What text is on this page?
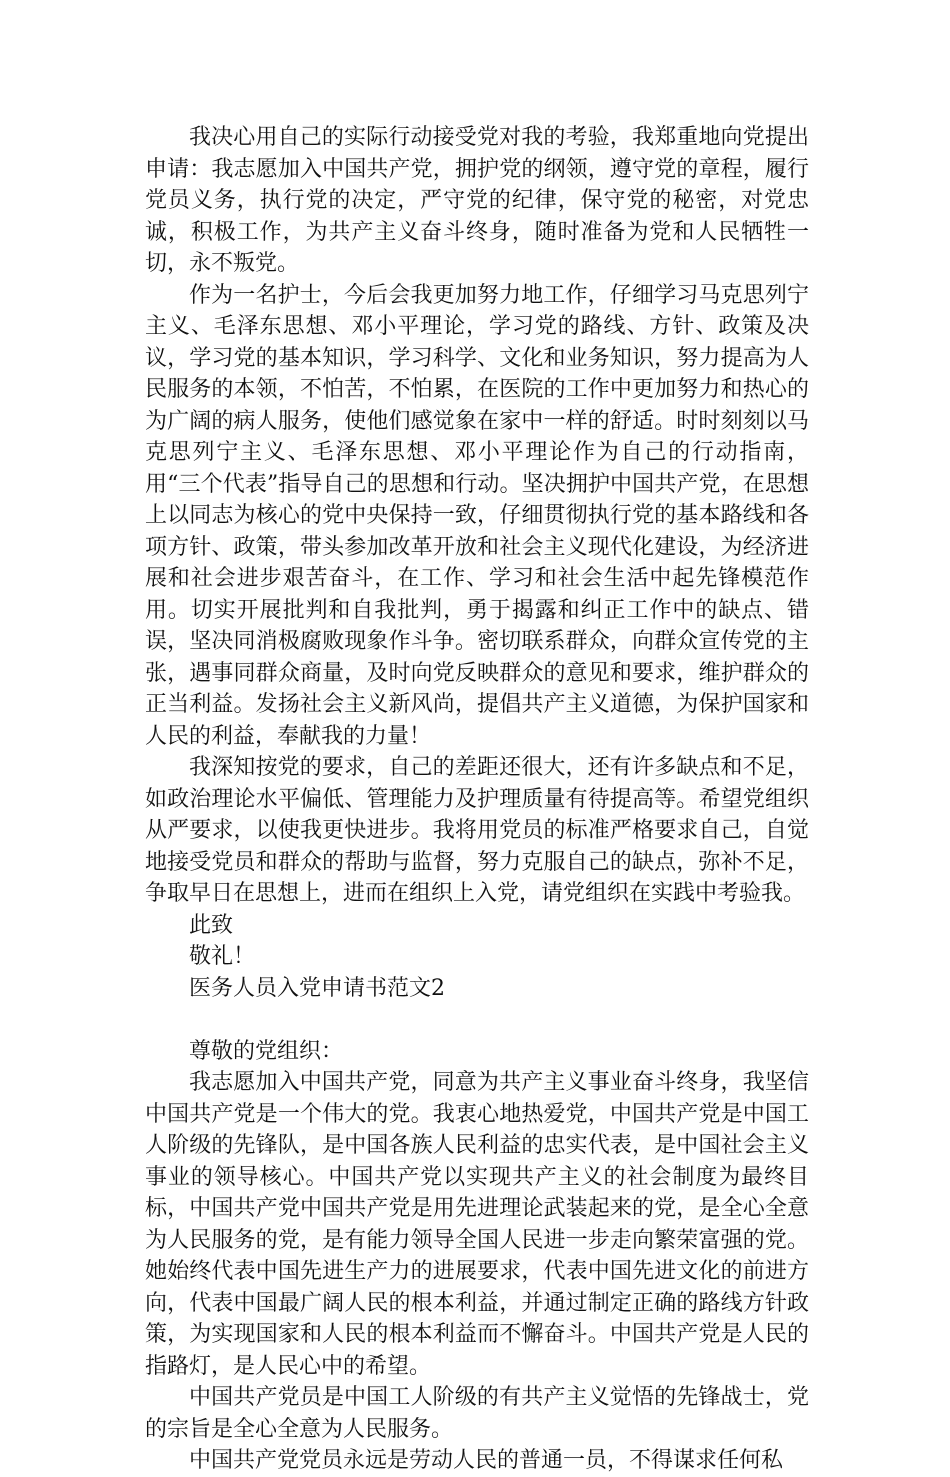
我决心用自己的实际行动接受党对我的考验，我郑重地向党提出申请：我志愿加入中国共产党，拥护党的纲领，遵守党的章程，履行党员义务，执行党的决定，严守党的纪律，保守党的秘密，对党忠诚，积极工作，为共产主义奋斗终身，随时准备为党和人民牺牲一切，永不叛党。

作为一名护士，今后会我更加努力地工作，仔细学习马克思列宁主义、毛泽东思想、邓小平理论，学习党的路线、方针、政策及决议，学习党的基本知识，学习科学、文化和业务知识，努力提高为人民服务的本领，不怕苦，不怕累，在医院的工作中更加努力和热心的为广阔的病人服务，使他们感觉象在家中一样的舒适。时时刻刻以马克思列宁主义、毛泽东思想、邓小平理论作为自己的行动指南，用“三个代表”指导自己的思想和行动。坚决拥护中国共产党，在思想上以同志为核心的党中央保持一致，仔细贯彻执行党的基本路线和各项方针、政策，带头参加改革开放和社会主义现代化建设，为经济进展和社会进步艰苦奋斗，在工作、学习和社会生活中起先锋模范作用。切实开展批判和自我批判，勇于揭露和纠正工作中的缺点、错误，坚决同消极腐败现象作斗争。密切联系群众，向群众宣传党的主张，遇事同群众商量，及时向党反映群众的意见和要求，维护群众的正当利益。发扬社会主义新风尚，提倡共产主义道德，为保护国家和人民的利益，奉献我的力量！

我深知按党的要求，自己的差距还很大，还有许多缺点和不足，如政治理论水平偏低、管理能力及护理质量有待提高等。希望党组织从严要求，以使我更快进步。我将用党员的标准严格要求自己，自觉地接受党员和群众的帮助与监督，努力克服自己的缺点，弥补不足，争取早日在思想上，进而在组织上入党，请党组织在实践中考验我。

此致

敬礼！

医务人员入党申请书范文2

尊敬的党组织：

我志愿加入中国共产党，同意为共产主义事业奋斗终身，我坚信中国共产党是一个伟大的党。我衷心地热爱党，中国共产党是中国工人阶级的先锋队，是中国各族人民利益的忠实代表，是中国社会主义事业的领导核心。中国共产党以实现共产主义的社会制度为最终目标，中国共产党中国共产党是用先进理论武装起来的党，是全心全意为人民服务的党，是有能力领导全国人民进一步走向繁荣富强的党。她始终代表中国先进生产力的进展要求，代表中国先进文化的前进方向，代表中国最广阔人民的根本利益，并通过制定正确的路线方针政策，为实现国家和人民的根本利益而不懈奋斗。中国共产党是人民的指路灯，是人民心中的希望。

中国共产党员是中国工人阶级的有共产主义觉悟的先锋战士，党的宗旨是全心全意为人民服务。

中国共产党党员永远是劳动人民的普通一员，不得谋求任何私
